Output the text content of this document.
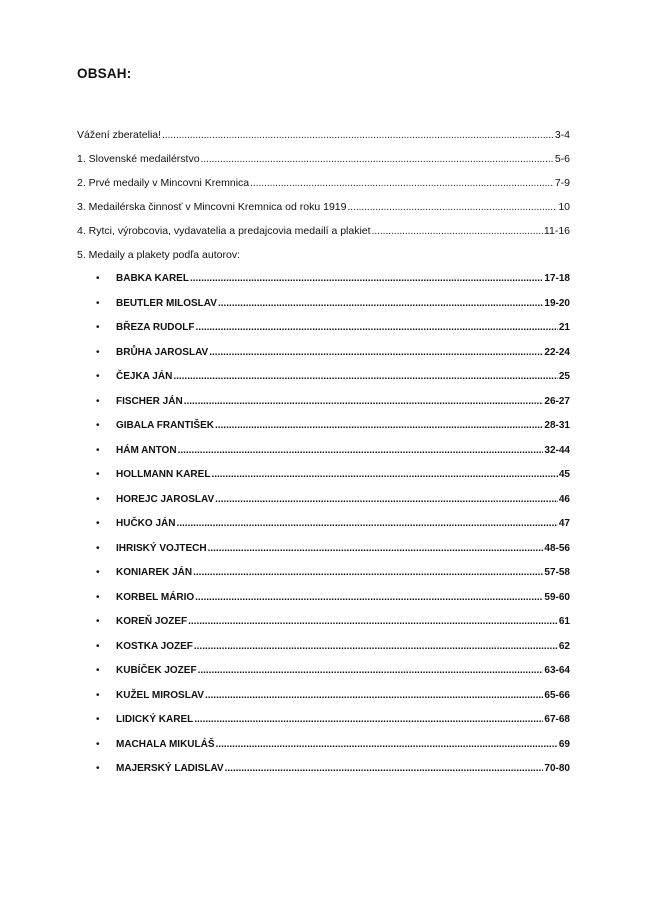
OBSAH:
Vážení zberatelia! .....	3-4
1. Slovenské medailérstvo .....	5-6
2. Prvé medaily v Mincovni Kremnica .....	7-9
3. Medailérska činnosť v Mincovni Kremnica od roku 1919 .....	10
4. Rytci, výrobcovia, vydavatelia a predajcovia medailí a plakiet .....	11-16
5. Medaily a plakety podľa autorov:
•	BABKA KAREL .....	17-18
•	BEUTLER MILOSLAV .....	19-20
•	BŘEZA RUDOLF .....	21
•	BRŮHA JAROSLAV .....	22-24
•	ČEJKA JÁN .....	25
•	FISCHER JÁN .....	26-27
•	GIBALA FRANTIŠEK .....	28-31
•	HÁM ANTON .....	32-44
•	HOLLMANN KAREL .....	45
•	HOREJC JAROSLAV .....	46
•	HUČKO JÁN .....	47
•	IHRISKÝ VOJTECH .....	48-56
•	KONIAREK JÁN .....	57-58
•	KORBEL MÁRIO .....	59-60
•	KOREŇ JOZEF .....	61
•	KOSTKA JOZEF .....	62
•	KUBÍČEK JOZEF .....	63-64
•	KUŽEL MIROSLAV .....	65-66
•	LIDICKÝ KAREL .....	67-68
•	MACHALA MIKULÁŠ .....	69
•	MAJERSKÝ LADISLAV .....	70-80
